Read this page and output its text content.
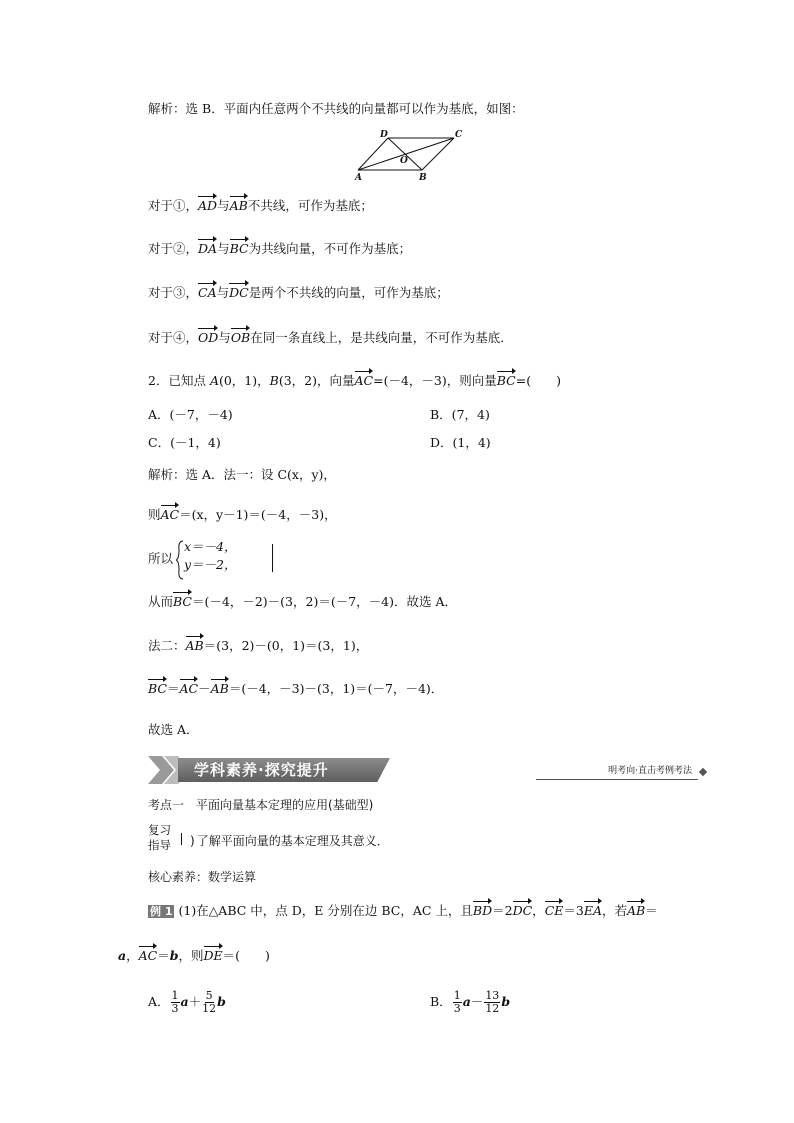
解析：选 B．平面内任意两个不共线的向量都可以作为基底，如图：
D	C
O
A	B
对于①，AD与AB不共线，可作为基底；
对于②，DA与BC为共线向量，不可作为基底；
对于③，CA与DC是两个不共线的向量，可作为基底；
对于④，OD与OB在同一条直线上，是共线向量，不可作为基底．
2．已知点 A(0，1)，B(3，2)，向量AC=(－4，－3)，则向量BC=(　　)
A．(－7，－4)	B．(7，4)
C．(－1，4)	D．(1，4)
解析：选 A．法一：设 C(x，y)，
则AC＝(x，y－1)＝(－4，－3)，
所以
x＝－4，
y＝－2，
从而BC＝(－4，－2)－(3，2)＝(－7，－4)．故选 A．
法二：AB＝(3，2)－(0，1)＝(3，1)，
BC＝AC－AB＝(－4，－3)－(3，1)＝(－7，－4)．
故选 A．
学科素养·探究提升	明考向·直击考例考法
考点一　平面向量基本定理的应用(基础型)
复习
指导 ) 了解平面向量的基本定理及其意义．
核心素养：数学运算
例 1 (1)在△ABC 中，点 D，E 分别在边 BC，AC 上，且BD＝2DC，CE＝3EA，若AB＝
a，AC＝b，则DE＝(　　)
A． $\frac{1}{3} a+ \frac{5}{12}$ b	B． $\frac{1}{3} a- \frac{13}{12}$ b
